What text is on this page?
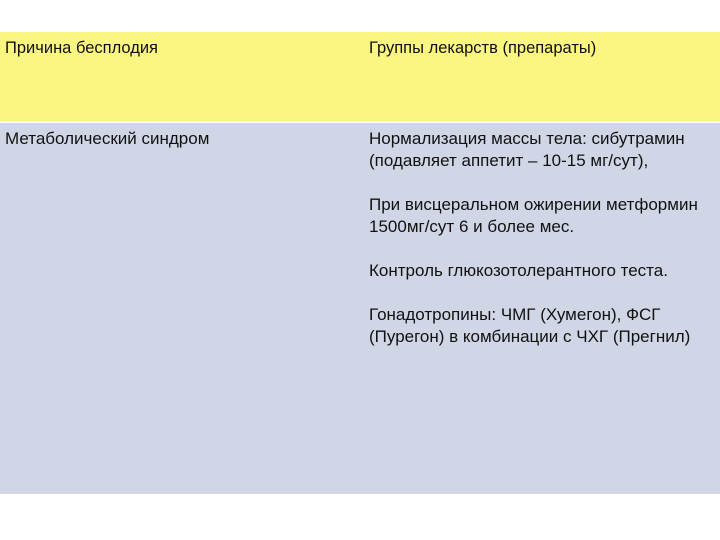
Причина бесплодия	Группы лекарств (препараты)
Метаболический синдром	Нормализация массы тела: сибутрамин (подавляет аппетит – 10-15 мг/сут),

При висцеральном ожирении метформин 1500мг/сут 6 и более мес.

Контроль глюкозотолерантного теста.

Гонадотропины: ЧМГ (Хумегон), ФСГ (Пурегон) в комбинации с ЧХГ (Прегнил)
